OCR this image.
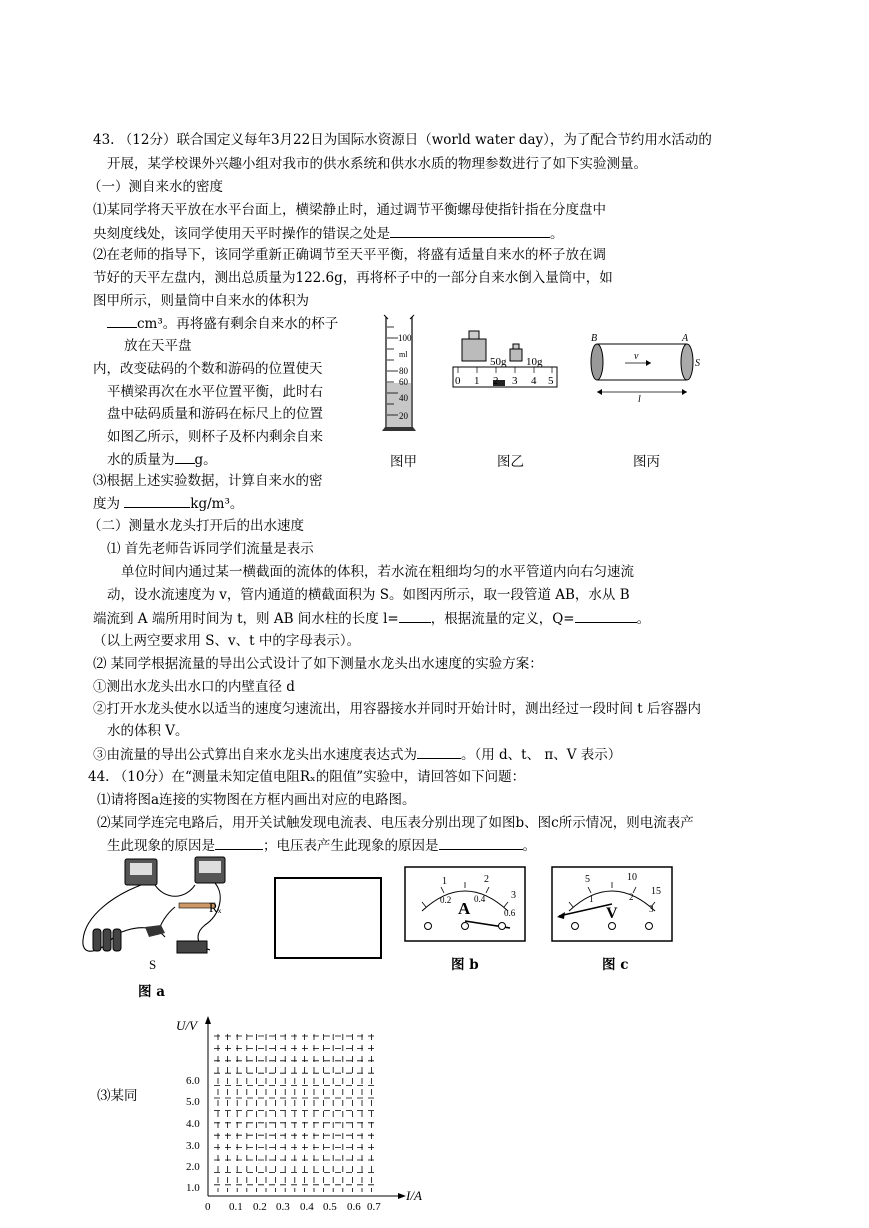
43. （12分）联合国定义每年3月22日为国际水资源日（world water day），为了配合节约用水活动的
开展，某学校课外兴趣小组对我市的供水系统和供水水质的物理参数进行了如下实验测量。
（一）测自来水的密度
⑴某同学将天平放在水平台面上，横梁静止时，通过调节平衡螺母使指针指在分度盘中
央刻度线处，该同学使用天平时操作的错误之处是	。
⑵在老师的指导下，该同学重新正确调节至天平平衡，将盛有适量自来水的杯子放在调
节好的天平左盘内，测出总质量为122.6g，再将杯子中的一部分自来水倒入量筒中，如
图甲所示，则量筒中自来水的体积为
cm³。再将盛有剩余自来水的杯子
放在天平盘
内，改变砝码的个数和游码的位置使天
平横梁再次在水平位置平衡，此时右
盘中砝码质量和游码在标尺上的位置
如图乙所示，则杯子及杯内剩余自来
水的质量为 g。
⑶根据上述实验数据，计算自来水的密
度为	kg/m³。
100
ml
80
60
40
20
50g 10g
0 1 2 3 4 5
B	A
S
v
l
图甲	图乙	图丙
（二）测量水龙头打开后的出水速度
⑴ 首先老师告诉同学们流量是表示
单位时间内通过某一横截面的流体的体积，若水流在粗细均匀的水平管道内向右匀速流
动，设水流速度为 v，管内通道的横截面积为 S。如图丙所示，取一段管道 AB，水从 B
端流到 A 端所用时间为 t，则 AB 间水柱的长度 l= ，根据流量的定义，Q=	。
（以上两空要求用 S、v、t 中的字母表示）。
⑵ 某同学根据流量的导出公式设计了如下测量水龙头出水速度的实验方案：
①测出水龙头出水口的内壁直径 d
②打开水龙头使水以适当的速度匀速流出，用容器接水并同时开始计时，测出经过一段时间 t 后容器内
水的体积 V。
③由流量的导出公式算出自来水龙头出水速度表达式为	。（用 d、t、 π、V 表示）
44. （10分）在“测量未知定值电阻Rₓ的阻值”实验中，请回答如下问题：
⑴请将图a连接的实物图在方框内画出对应的电路图。
⑵某同学连完电路后，用开关试触发现电流表、电压表分别出现了如图b、图c所示情况，则电流表产
生此现象的原因是	；电压表产生此现象的原因是	。
Rₓ
S
图 a
1	2
3
0.2	0.4
0.6
A
图 b
5	10
15
1	2
3
V
图 c
⑶某同
6.0
5.0
4.0
3.0
2.0
1.0
0 0.1 0.2 0.3 0.4 0.5 0.6 0.7
U/V
I/A
